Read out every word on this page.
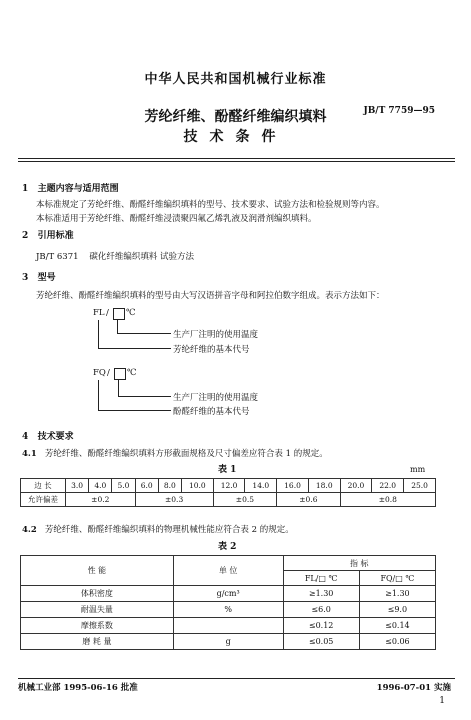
中华人民共和国机械行业标准
芳纶纤维、酚醛纤维编织填料
技术条件
JB/T 7759—95
1 主题内容与适用范围
本标准规定了芳纶纤维、酚醛纤维编织填料的型号、技术要求、试验方法和检验规则等内容。
本标准适用于芳纶纤维、酚醛纤维浸渍聚四氟乙烯乳液及润滑剂编织填料。
2 引用标准
JB/T 6371 碳化纤维编织填料 试验方法
3 型号
芳纶纤维、酚醛纤维编织填料的型号由大写汉语拼音字母和阿拉伯数字组成。表示方法如下：
FL / ℃
生产厂注明的使用温度
芳纶纤维的基本代号
FQ / ℃
生产厂注明的使用温度
酚醛纤维的基本代号
4 技术要求
4.1 芳纶纤维、酚醛纤维编织填料方形截面规格及尺寸偏差应符合表 1 的规定。
表 1	mm
边 长	3.0	4.0	5.0	6.0	8.0	10.0	12.0	14.0	16.0	18.0	20.0	22.0	25.0
允许偏差	±0.2			±0.3			±0.5		±0.6		±0.8		
4.2 芳纶纤维、酚醛纤维编织填料的物理机械性能应符合表 2 的规定。
表 2
性 能	单 位	指 标	
		FL/□ ℃	FQ/□ ℃
体积密度	g/cm³	≥1.30	≥1.30
耐温失量	%	≤6.0	≤9.0
摩擦系数		≤0.12	≤0.14
磨 耗 量	g	≤0.05	≤0.06
机械工业部 1995-06-16 批准	1996-07-01 实施
1
